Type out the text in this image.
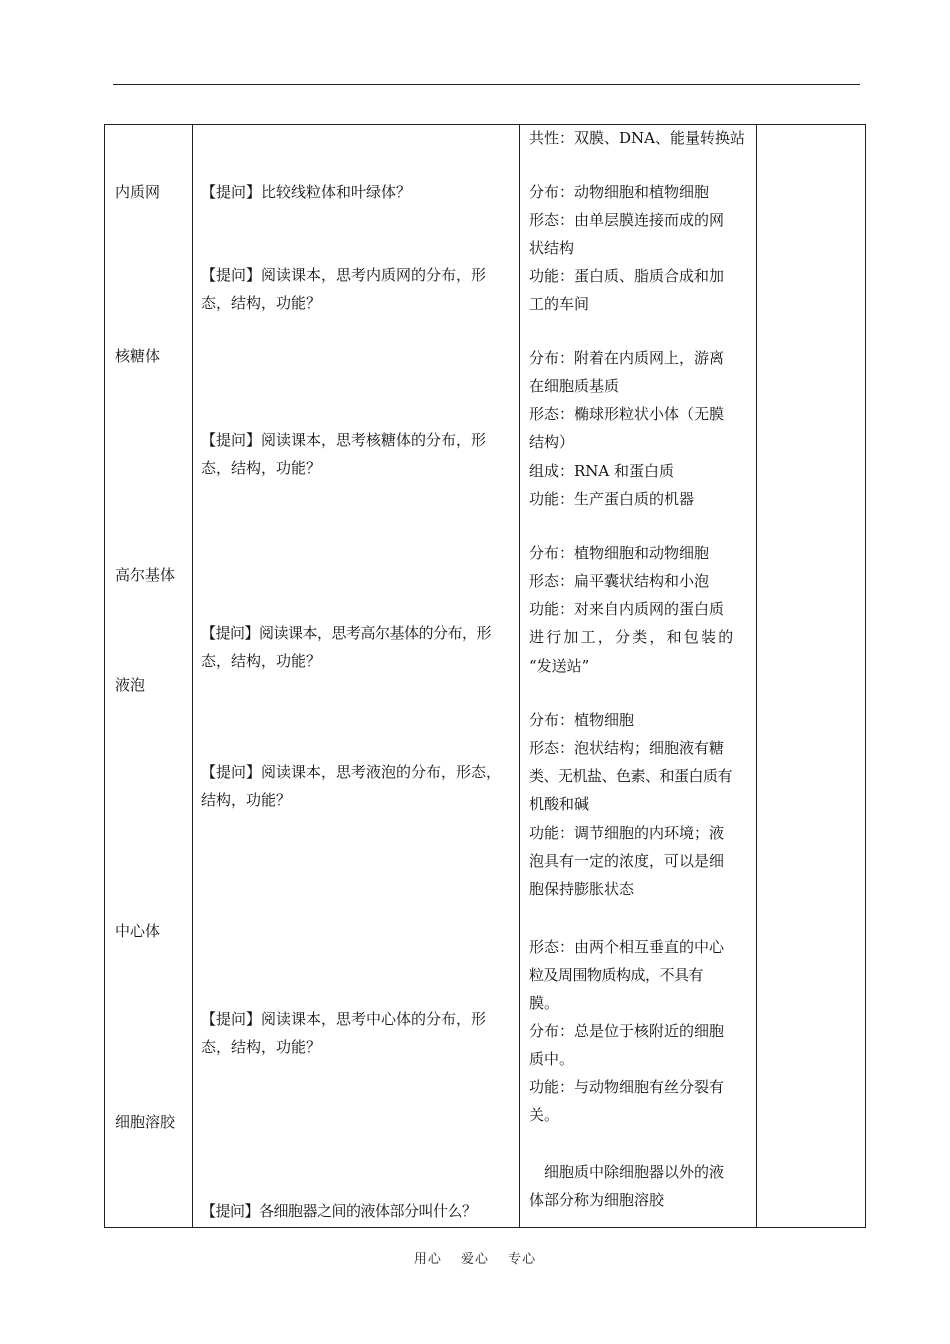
内质网
核糖体
高尔基体
液泡
中心体
细胞溶胶
【提问】比较线粒体和叶绿体？
【提问】阅读课本，思考内质网的分布，形
态，结构，功能？
【提问】阅读课本，思考核糖体的分布，形
态，结构，功能？
【提问】阅读课本，思考高尔基体的分布，形
态，结构，功能？
【提问】阅读课本，思考液泡的分布，形态，
结构，功能？
【提问】阅读课本，思考中心体的分布，形
态，结构，功能？
【提问】各细胞器之间的液体部分叫什么？
共性：双膜、DNA、能量转换站
分布：动物细胞和植物细胞
形态：由单层膜连接而成的网
状结构
功能：蛋白质、脂质合成和加
工的车间
分布：附着在内质网上，游离
在细胞质基质
形态：椭球形粒状小体（无膜
结构）
组成：RNA 和蛋白质
功能：生产蛋白质的机器
分布：植物细胞和动物细胞
形态：扁平囊状结构和小泡
功能：对来自内质网的蛋白质
进行加工，分类，和包装的
“发送站”
分布：植物细胞
形态：泡状结构；细胞液有糖
类、无机盐、色素、和蛋白质有
机酸和碱
功能：调节细胞的内环境；液
泡具有一定的浓度，可以是细
胞保持膨胀状态
形态：由两个相互垂直的中心
粒及周围物质构成，不具有
膜。
分布：总是位于核附近的细胞
质中。
功能：与动物细胞有丝分裂有
关。
细胞质中除细胞器以外的液
体部分称为细胞溶胶
用心 爱心 专心
